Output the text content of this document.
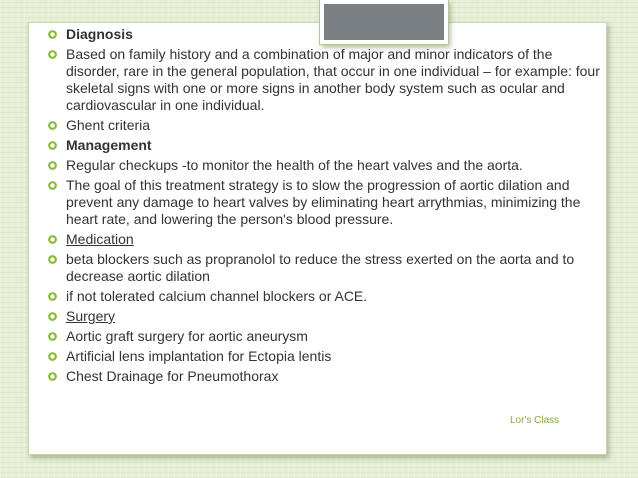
Diagnosis
Based on family history and a combination of major and minor indicators of the disorder, rare in the general population, that occur in one individual – for example: four skeletal signs with one or more signs in another body system such as ocular and cardiovascular in one individual.
Ghent criteria
Management
Regular checkups -to monitor the health of the heart valves and the aorta.
The goal of this treatment strategy is to slow the progression of aortic dilation and prevent any damage to heart valves by eliminating heart arrythmias, minimizing the heart rate, and lowering the person's blood pressure.
Medication
beta blockers such as propranolol to reduce the stress exerted on the aorta and to decrease aortic dilation
if not tolerated calcium channel blockers or ACE.
Surgery
Aortic graft surgery for aortic aneurysm
Artificial lens implantation for Ectopia lentis
Chest Drainage for Pneumothorax
Lor's Class
